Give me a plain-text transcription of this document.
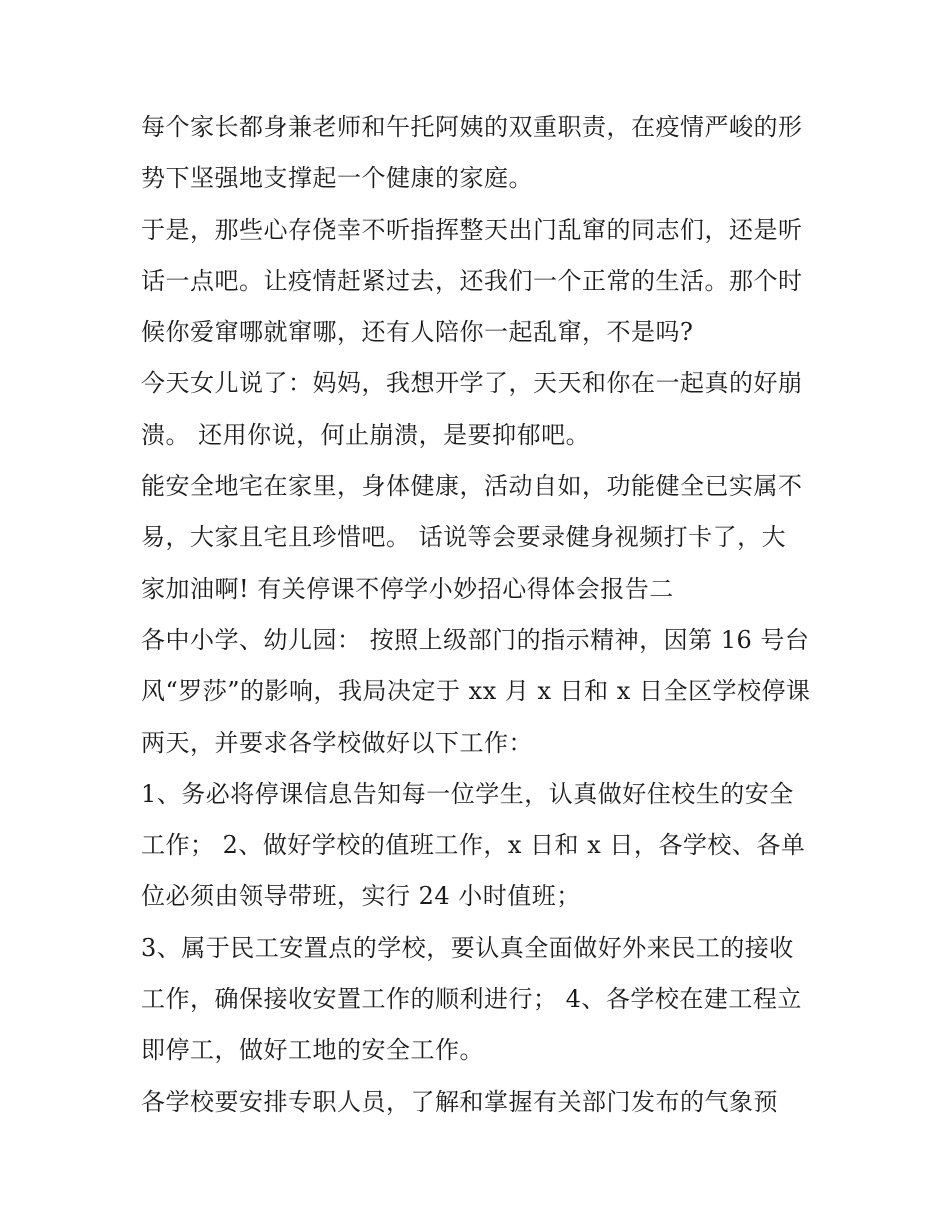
每个家长都身兼老师和午托阿姨的双重职责，在疫情严峻的形
势下坚强地支撑起一个健康的家庭。
于是，那些心存侥幸不听指挥整天出门乱窜的同志们，还是听
话一点吧。让疫情赶紧过去，还我们一个正常的生活。那个时
候你爱窜哪就窜哪，还有人陪你一起乱窜，不是吗?
今天女儿说了：妈妈，我想开学了，天天和你在一起真的好崩
溃。 还用你说，何止崩溃，是要抑郁吧。
能安全地宅在家里，身体健康，活动自如，功能健全已实属不
易，大家且宅且珍惜吧。 话说等会要录健身视频打卡了，大
家加油啊! 有关停课不停学小妙招心得体会报告二
各中小学、幼儿园： 按照上级部门的指示精神，因第 16 号台
风“罗莎”的影响，我局决定于 xx 月 x 日和 x 日全区学校停课
两天，并要求各学校做好以下工作：
1、务必将停课信息告知每一位学生，认真做好住校生的安全
工作； 2、做好学校的值班工作，x 日和 x 日，各学校、各单
位必须由领导带班，实行 24 小时值班；
3、属于民工安置点的学校，要认真全面做好外来民工的接收
工作，确保接收安置工作的顺利进行； 4、各学校在建工程立
即停工，做好工地的安全工作。
各学校要安排专职人员，了解和掌握有关部门发布的气象预
